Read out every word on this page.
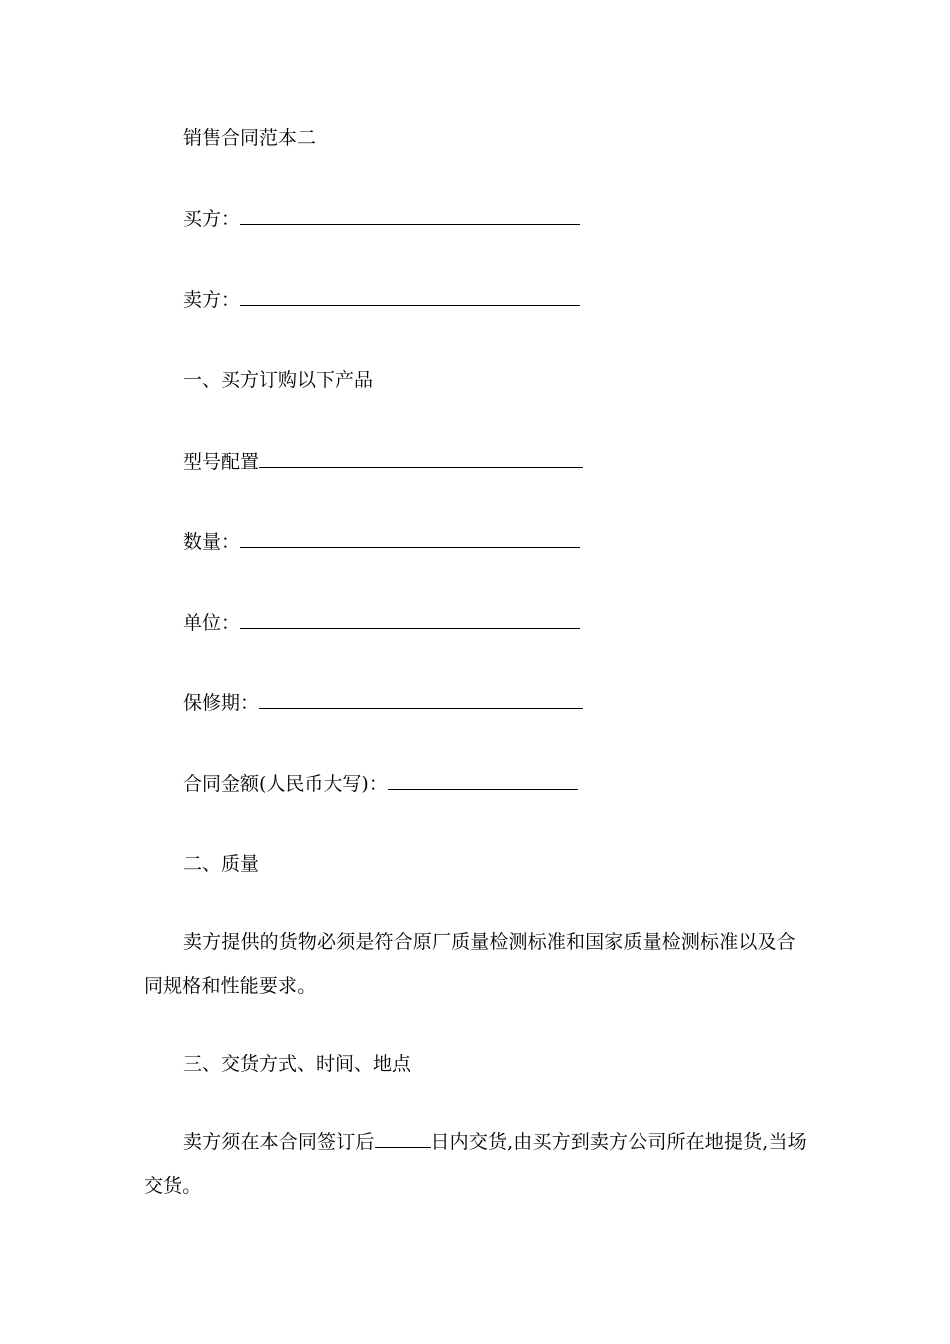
销售合同范本二
买方：
卖方：
一、买方订购以下产品
型号配置
数量：
单位：
保修期：
合同金额(人民币大写)：
二、质量
卖方提供的货物必须是符合原厂质量检测标准和国家质量检测标准以及合同规格和性能要求。
三、交货方式、时间、地点
卖方须在本合同签订后	日内交货,由买方到卖方公司所在地提货,当场交货。
